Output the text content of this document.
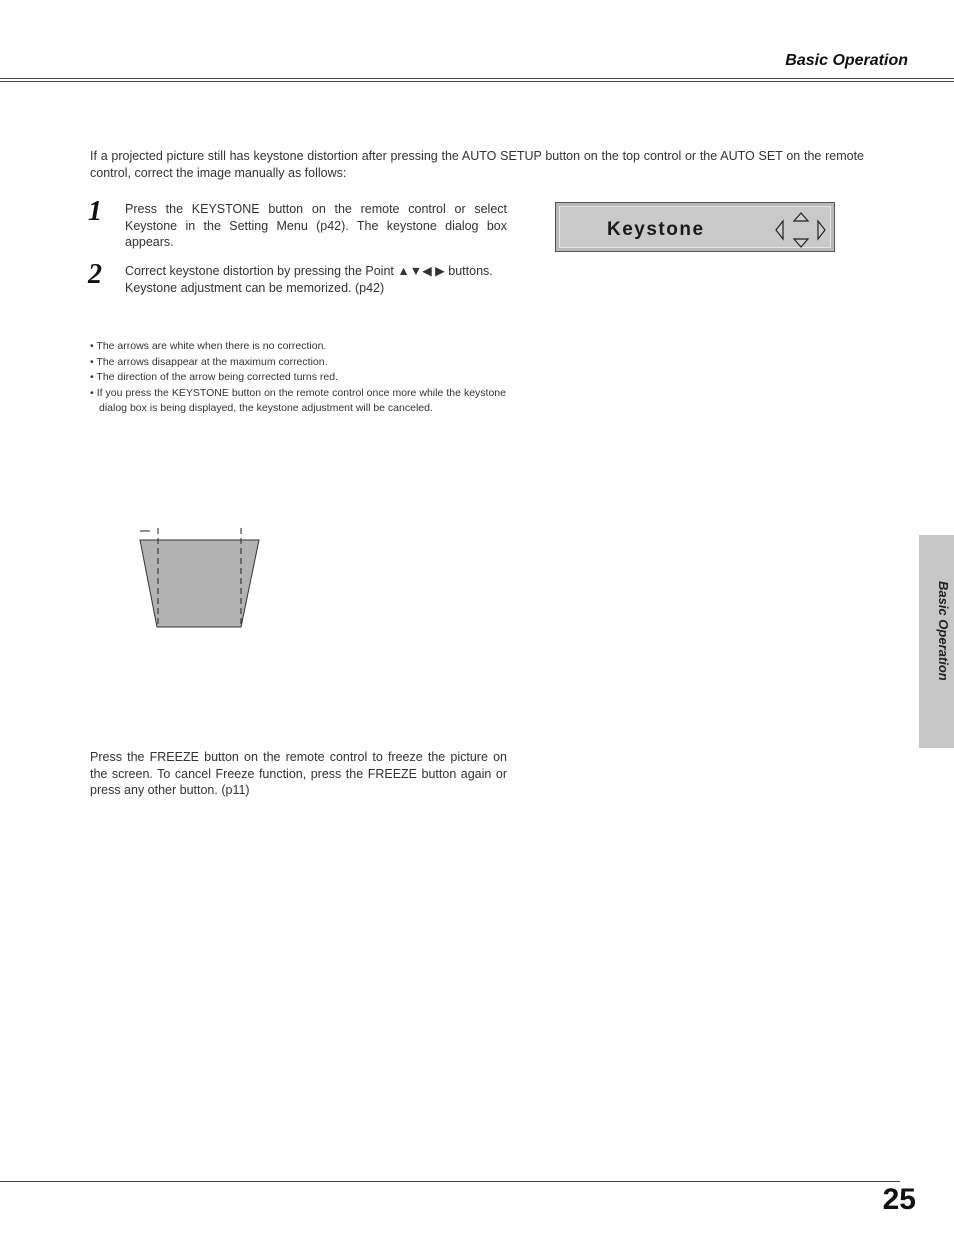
Basic Operation
If a projected picture still has keystone distortion after pressing the AUTO SETUP button on the top control or the AUTO SET on the remote control, correct the image manually as follows:
1 Press the KEYSTONE button on the remote control or select Keystone in the Setting Menu (p42). The keystone dialog box appears.
2 Correct keystone distortion by pressing the Point ▲▼◀ ▶ buttons.
Keystone adjustment can be memorized. (p42)
• The arrows are white when there is no correction.
• The arrows disappear at the maximum correction.
• The direction of the arrow being corrected turns red.
• If you press the KEYSTONE button on the remote control once more while the keystone dialog box is being displayed, the keystone adjustment will be canceled.
Keystone
Press the FREEZE button on the remote control to freeze the picture on the screen. To cancel Freeze function, press the FREEZE button again or press any other button. (p11)
Basic Operation
25
